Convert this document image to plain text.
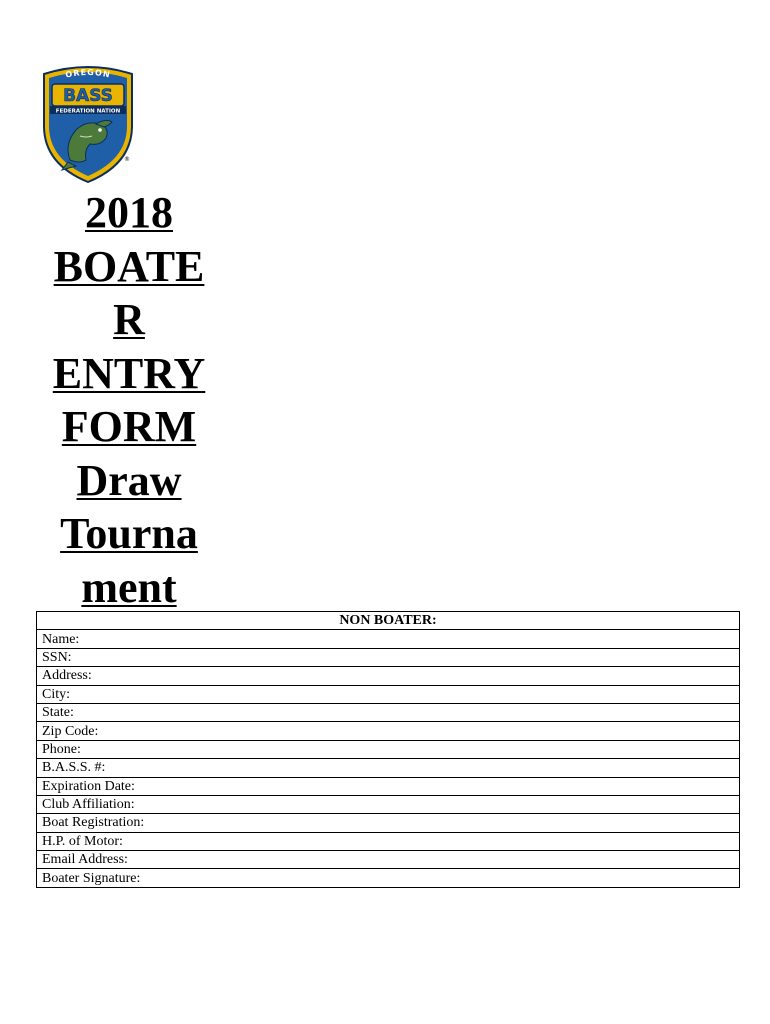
OREGON
BASS
FEDERATION NATION
®
2018
BOATE
R
ENTRY
FORM
Draw
Tourna
ment
NON BOATER:
Name:
SSN:
Address:
City:
State:
Zip Code:
Phone:
B.A.S.S. #:
Expiration Date:
Club Affiliation:
Boat Registration:
H.P. of Motor:
Email Address:
Boater Signature:
